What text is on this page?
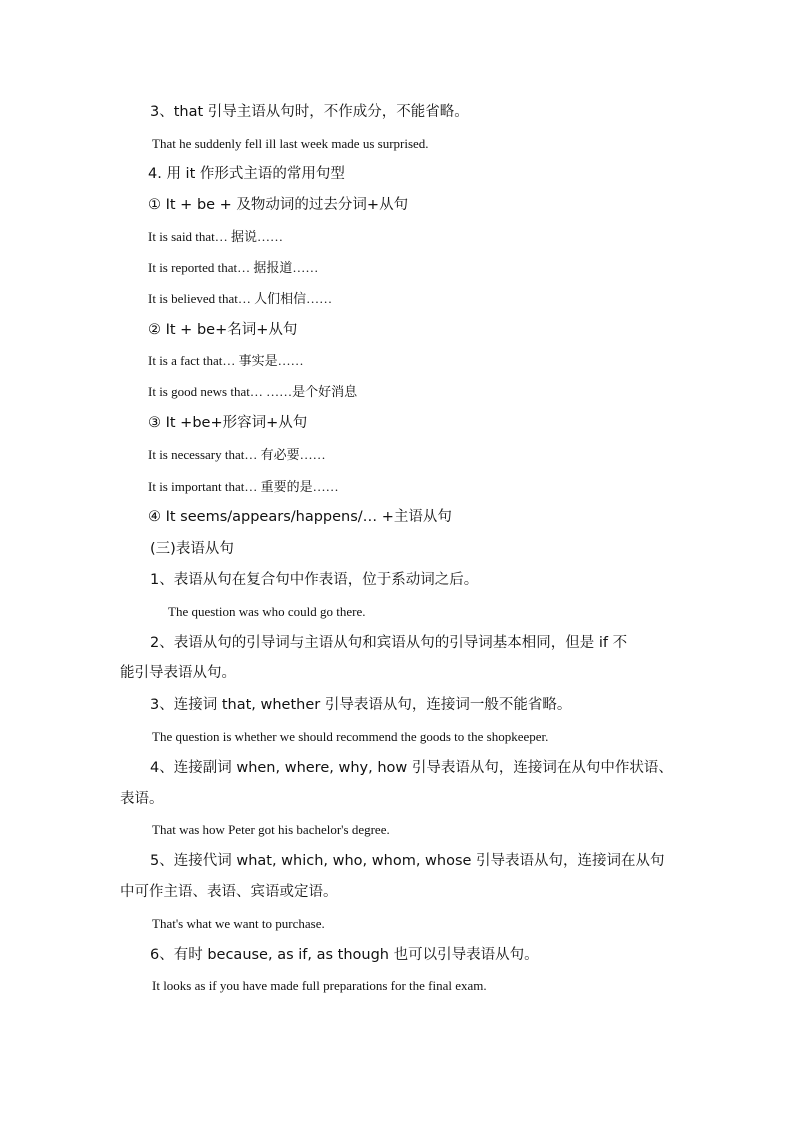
3、that 引导主语从句时，不作成分，不能省略。
That he suddenly fell ill last week made us surprised.
4. 用 it 作形式主语的常用句型
① It + be + 及物动词的过去分词+从句
It is said that… 据说……
It is reported that… 据报道……
It is believed that… 人们相信……
② It + be+名词+从句
It is a fact that… 事实是……
It is good news that… ……是个好消息
③ It +be+形容词+从句
It is necessary that… 有必要……
It is important that… 重要的是……
④ It seems/appears/happens/… +主语从句
(三)表语从句
1、表语从句在复合句中作表语，位于系动词之后。
The question was who could go there.
2、表语从句的引导词与主语从句和宾语从句的引导词基本相同，但是 if 不
能引导表语从句。
3、连接词 that, whether 引导表语从句，连接词一般不能省略。
The question is whether we should recommend the goods to the shopkeeper.
4、连接副词 when, where, why, how 引导表语从句，连接词在从句中作状语、
表语。
That was how Peter got his bachelor's degree.
5、连接代词 what, which, who, whom, whose 引导表语从句，连接词在从句
中可作主语、表语、宾语或定语。
That's what we want to purchase.
6、有时 because, as if, as though 也可以引导表语从句。
It looks as if you have made full preparations for the final exam.
